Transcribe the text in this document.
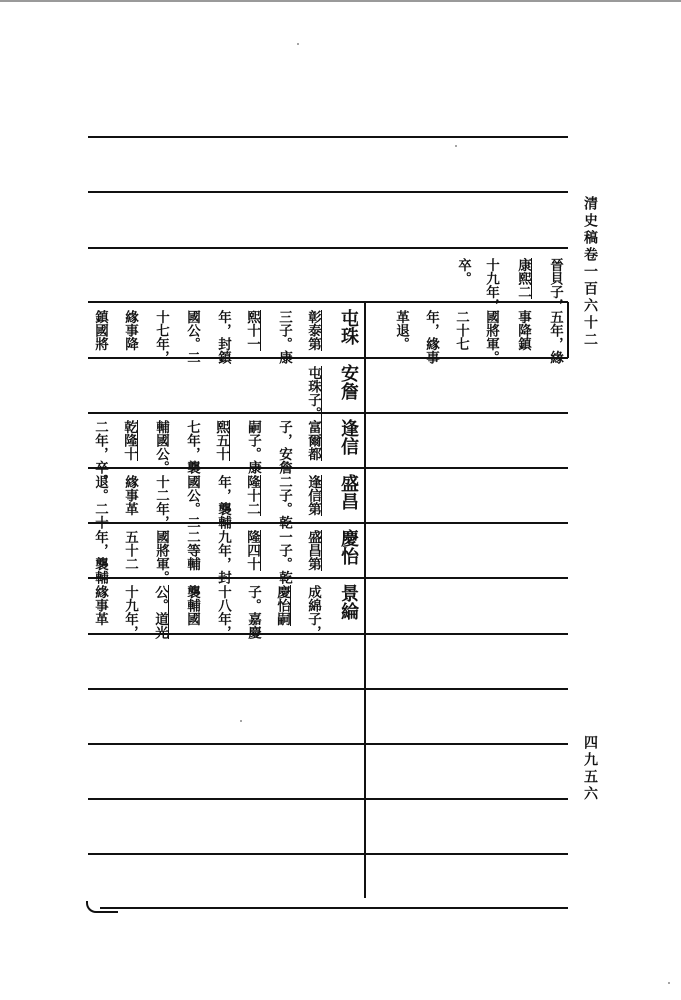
清史稿卷一百六十二
四九五六
晉貝子，
康熙二
十九年，
卒。
五年，緣
事降鎮
國將軍。
二十七
年，緣事
革退。
屯珠
彰泰第
三子。康
熙十一
年，封鎮
國公。二
十七年，
緣事降
鎮國將
安詹
屯珠子。
逢信
富爾都
子，安詹
嗣子。康
熙五十
七年，襲
輔國公。
乾隆十
二年，卒。
盛昌
逢信第
二子。乾
隆十二
年，襲輔
國公。二
十二年，
緣事革
退。二十
慶怡
盛昌第
一子。乾
隆四十
九年，封
二等輔
國將軍。
五十二
年，襲輔
景綸
成綿子，
慶怡嗣
子。嘉慶
十八年，
襲輔國
公。道光
十九年，
緣事革
